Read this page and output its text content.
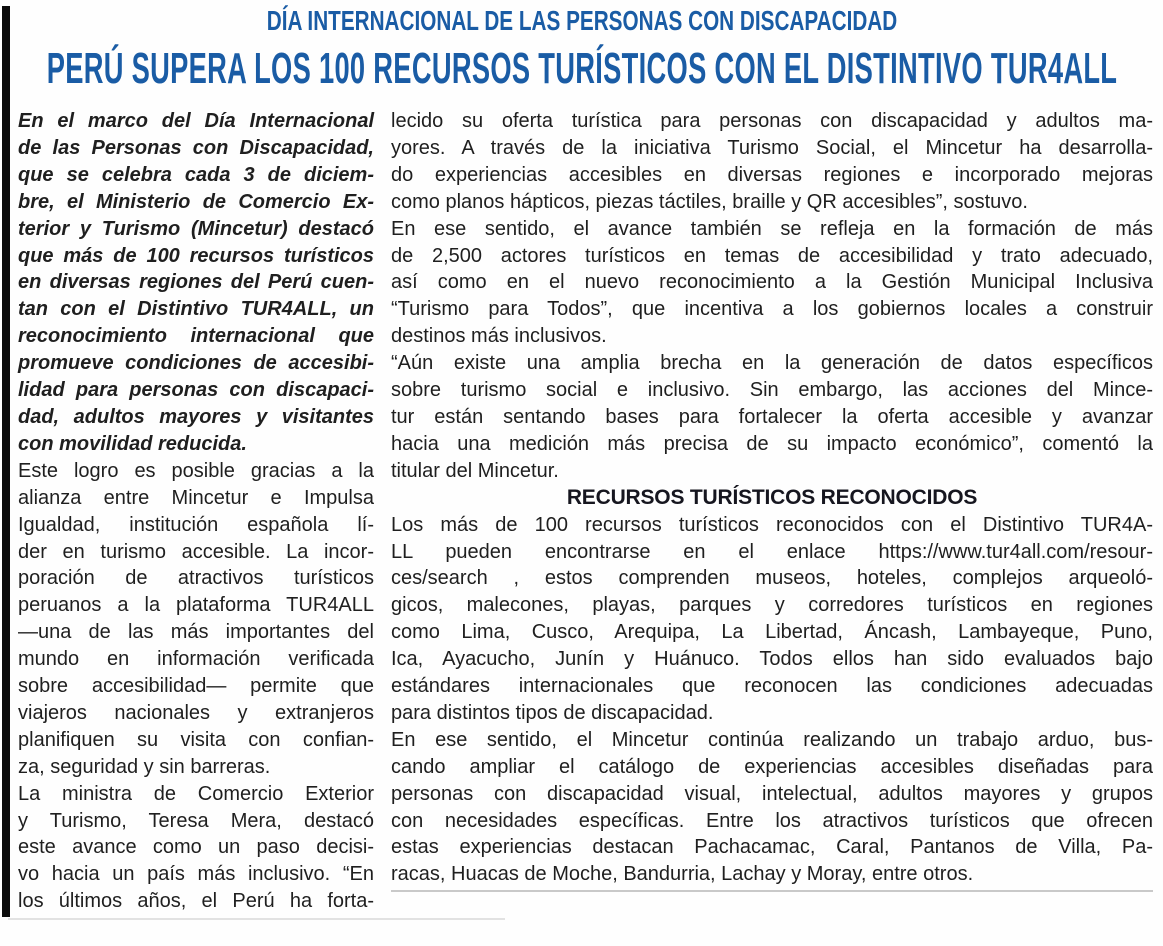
DÍA INTERNACIONAL DE LAS PERSONAS CON DISCAPACIDAD
PERÚ SUPERA LOS 100 RECURSOS TURÍSTICOS CON EL DISTINTIVO TUR4ALL
En el marco del Día Internacional
de las Personas con Discapacidad,
que se celebra cada 3 de diciem-
bre, el Ministerio de Comercio Ex-
terior y Turismo (Mincetur) destacó
que más de 100 recursos turísticos
en diversas regiones del Perú cuen-
tan con el Distintivo TUR4ALL, un
reconocimiento internacional que
promueve condiciones de accesibi-
lidad para personas con discapaci-
dad, adultos mayores y visitantes
con movilidad reducida.
Este logro es posible gracias a la
alianza entre Mincetur e Impulsa
Igualdad, institución española lí-
der en turismo accesible. La incor-
poración de atractivos turísticos
peruanos a la plataforma TUR4ALL
—una de las más importantes del
mundo en información verificada
sobre accesibilidad— permite que
viajeros nacionales y extranjeros
planifiquen su visita con confian-
za, seguridad y sin barreras.
La ministra de Comercio Exterior
y Turismo, Teresa Mera, destacó
este avance como un paso decisi-
vo hacia un país más inclusivo. “En
los últimos años, el Perú ha forta-
lecido su oferta turística para personas con discapacidad y adultos ma-
yores. A través de la iniciativa Turismo Social, el Mincetur ha desarrolla-
do experiencias accesibles en diversas regiones e incorporado mejoras
como planos hápticos, piezas táctiles, braille y QR accesibles”, sostuvo.
En ese sentido, el avance también se refleja en la formación de más
de 2,500 actores turísticos en temas de accesibilidad y trato adecuado,
así como en el nuevo reconocimiento a la Gestión Municipal Inclusiva
“Turismo para Todos”, que incentiva a los gobiernos locales a construir
destinos más inclusivos.
“Aún existe una amplia brecha en la generación de datos específicos
sobre turismo social e inclusivo. Sin embargo, las acciones del Mince-
tur están sentando bases para fortalecer la oferta accesible y avanzar
hacia una medición más precisa de su impacto económico”, comentó la
titular del Mincetur.
RECURSOS TURÍSTICOS RECONOCIDOS
Los más de 100 recursos turísticos reconocidos con el Distintivo TUR4A-
LL pueden encontrarse en el enlace https://www.tur4all.com/resour-
ces/search , estos comprenden museos, hoteles, complejos arqueoló-
gicos, malecones, playas, parques y corredores turísticos en regiones
como Lima, Cusco, Arequipa, La Libertad, Áncash, Lambayeque, Puno,
Ica, Ayacucho, Junín y Huánuco. Todos ellos han sido evaluados bajo
estándares internacionales que reconocen las condiciones adecuadas
para distintos tipos de discapacidad.
En ese sentido, el Mincetur continúa realizando un trabajo arduo, bus-
cando ampliar el catálogo de experiencias accesibles diseñadas para
personas con discapacidad visual, intelectual, adultos mayores y grupos
con necesidades específicas. Entre los atractivos turísticos que ofrecen
estas experiencias destacan Pachacamac, Caral, Pantanos de Villa, Pa-
racas, Huacas de Moche, Bandurria, Lachay y Moray, entre otros.
